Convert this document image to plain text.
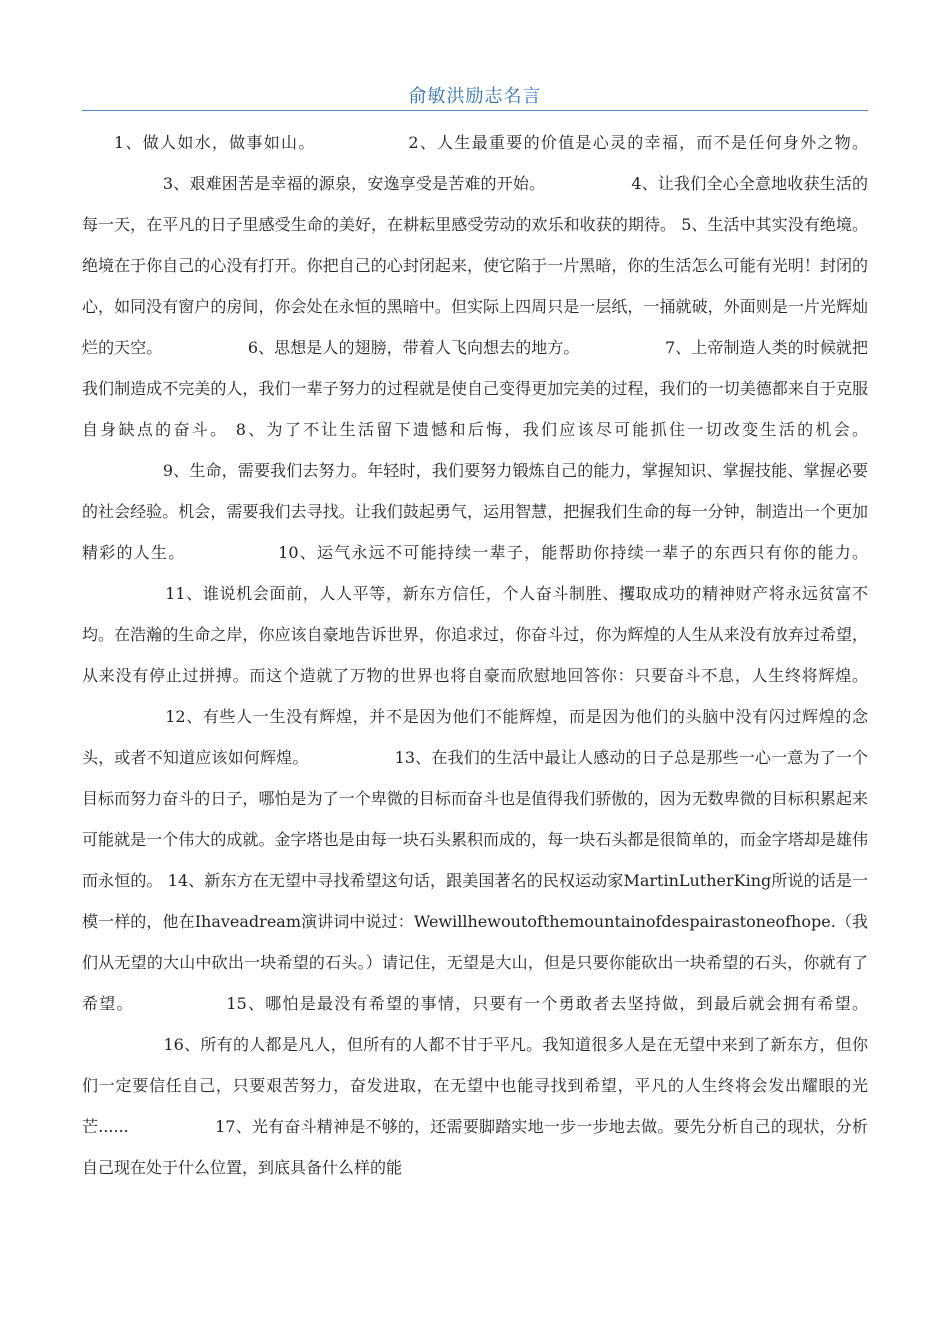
俞敏洪励志名言

1、做人如水，做事如山。 　　　　　2、人生最重要的价值是心灵的幸福，而不是任何身外之物。 　　　　　3、艰难困苦是幸福的源泉，安逸享受是苦难的开始。 　　　　　4、让我们全心全意地收获生活的每一天，在平凡的日子里感受生命的美好，在耕耘里感受劳动的欢乐和收获的期待。 5、生活中其实没有绝境。绝境在于你自己的心没有打开。你把自己的心封闭起来，使它陷于一片黑暗，你的生活怎么可能有光明！封闭的心，如同没有窗户的房间，你会处在永恒的黑暗中。但实际上四周只是一层纸，一捅就破，外面则是一片光辉灿烂的天空。 　　　　　6、思想是人的翅膀，带着人飞向想去的地方。 　　　　　7、上帝制造人类的时候就把我们制造成不完美的人，我们一辈子努力的过程就是使自己变得更加完美的过程，我们的一切美德都来自于克服自身缺点的奋斗。 8、为了不让生活留下遗憾和后悔，我们应该尽可能抓住一切改变生活的机会。 　　　　　9、生命，需要我们去努力。年轻时，我们要努力锻炼自己的能力，掌握知识、掌握技能、掌握必要的社会经验。机会，需要我们去寻找。让我们鼓起勇气，运用智慧，把握我们生命的每一分钟，制造出一个更加精彩的人生。 　　　　　10、运气永远不可能持续一辈子，能帮助你持续一辈子的东西只有你的能力。 　　　　　11、谁说机会面前，人人平等，新东方信任，个人奋斗制胜、攫取成功的精神财产将永远贫富不均。在浩瀚的生命之岸，你应该自豪地告诉世界，你追求过，你奋斗过，你为辉煌的人生从来没有放弃过希望，从来没有停止过拼搏。而这个造就了万物的世界也将自豪而欣慰地回答你：只要奋斗不息，人生终将辉煌。 　　　　　12、有些人一生没有辉煌，并不是因为他们不能辉煌，而是因为他们的头脑中没有闪过辉煌的念头，或者不知道应该如何辉煌。 　　　　　13、在我们的生活中最让人感动的日子总是那些一心一意为了一个目标而努力奋斗的日子，哪怕是为了一个卑微的目标而奋斗也是值得我们骄傲的，因为无数卑微的目标积累起来可能就是一个伟大的成就。金字塔也是由每一块石头累积而成的，每一块石头都是很简单的，而金字塔却是雄伟而永恒的。 14、新东方在无望中寻找希望这句话，跟美国著名的民权运动家MartinLutherKing所说的话是一模一样的，他在Ihaveadream演讲词中说过：Wewillhewoutofthemountainofdespairastoneofhope.（我们从无望的大山中砍出一块希望的石头。）请记住，无望是大山，但是只要你能砍出一块希望的石头，你就有了希望。 　　　　　15、哪怕是最没有希望的事情，只要有一个勇敢者去坚持做，到最后就会拥有希望。 　　　　　16、所有的人都是凡人，但所有的人都不甘于平凡。我知道很多人是在无望中来到了新东方，但你们一定要信任自己，只要艰苦努力，奋发进取，在无望中也能寻找到希望，平凡的人生终将会发出耀眼的光芒...... 　　　　　17、光有奋斗精神是不够的，还需要脚踏实地一步一步地去做。要先分析自己的现状，分析自己现在处于什么位置，到底具备什么样的能
